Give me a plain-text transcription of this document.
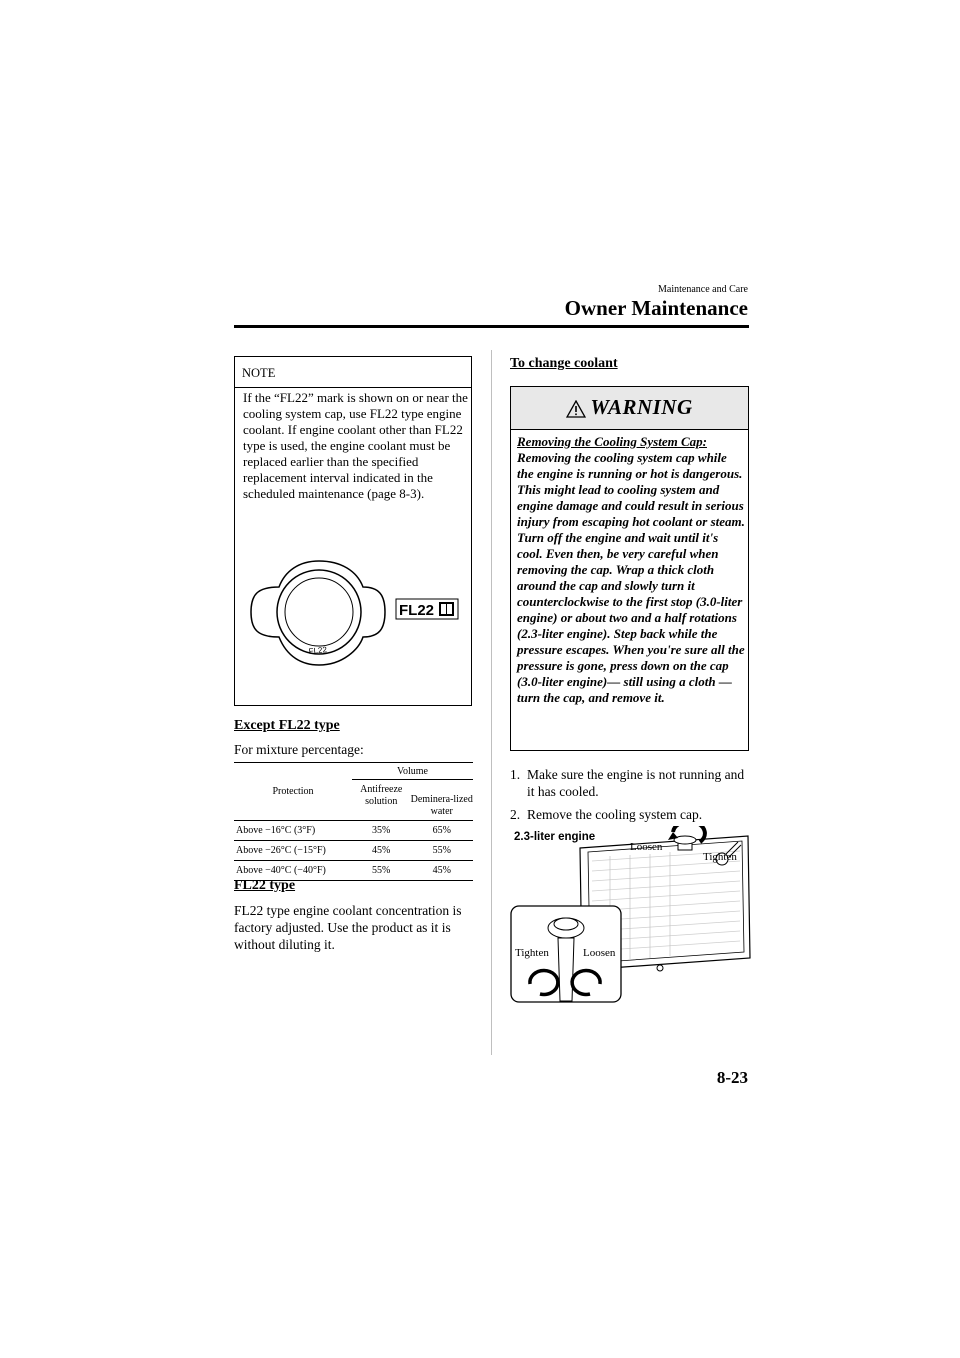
Maintenance and Care
Owner Maintenance
NOTE
If the “FL22” mark is shown on or near the cooling system cap, use FL22 type engine coolant. If engine coolant other than FL22 type is used, the engine coolant must be replaced earlier than the specified replacement interval indicated in the scheduled maintenance (page 8-3).
FL22
FL22
Except FL22 type
For mixture percentage:
Protection	Volume	
	Antifreeze solution	Deminera-lized water
Above −16°C (3°F)	35%	65%
Above −26°C (−15°F)	45%	55%
Above −40°C (−40°F)	55%	45%
FL22 type
FL22 type engine coolant concentration is factory adjusted. Use the product as it is without diluting it.
To change coolant
WARNING
Removing the Cooling System Cap:
Removing the cooling system cap while the engine is running or hot is dangerous. This might lead to cooling system and engine damage and could result in serious injury from escaping hot coolant or steam. Turn off the engine and wait until it's cool. Even then, be very careful when removing the cap. Wrap a thick cloth around the cap and slowly turn it counterclockwise to the first stop (3.0-liter engine) or about two and a half rotations (2.3-liter engine). Step back while the pressure escapes. When you're sure all the pressure is gone, press down on the cap (3.0-liter engine)— still using a cloth — turn the cap, and remove it.
1. Make sure the engine is not running and it has cooled.
2. Remove the cooling system cap.
2.3-liter engine
Loosen
Tighten
Tighten	Loosen
8-23
